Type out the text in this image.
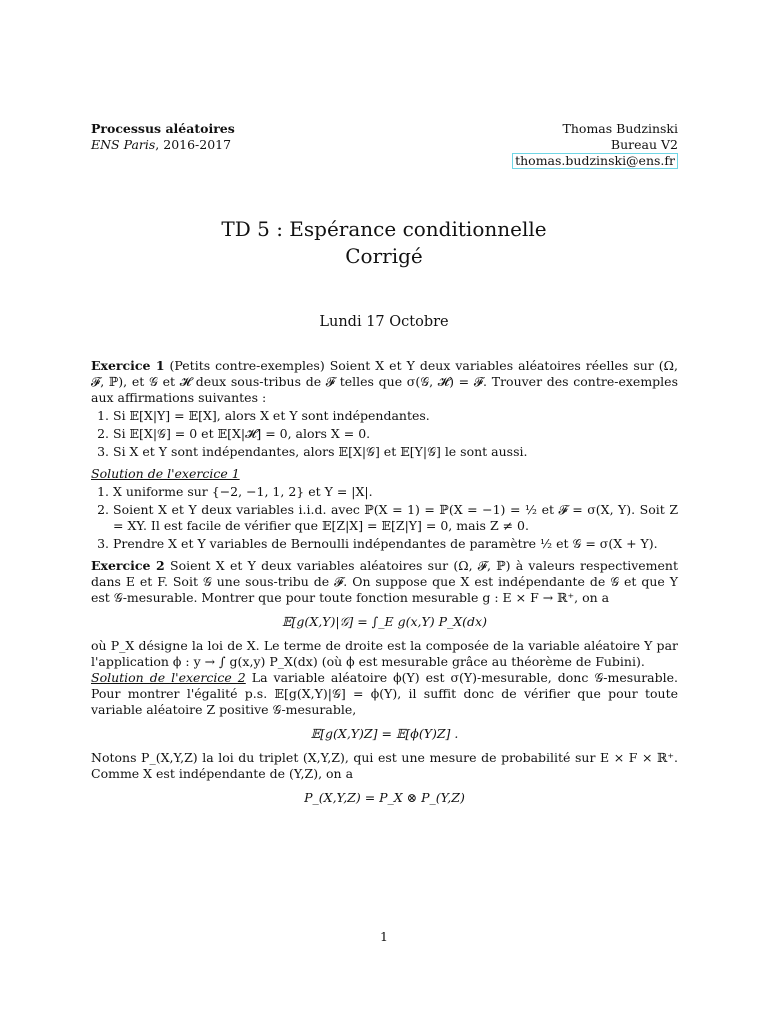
Processus aléatoires
ENS Paris, 2016-2017
Thomas Budzinski
Bureau V2
thomas.budzinski@ens.fr
TD 5 : Espérance conditionnelle
Corrigé
Lundi 17 Octobre

Exercice 1 (Petits contre-exemples) Soient X et Y deux variables aléatoires réelles sur (Ω, 𝓕, ℙ), et 𝒢 et 𝓗 deux sous-tribus de 𝓕 telles que σ(𝒢, 𝓗) = 𝓕. Trouver des contre-exemples aux affirmations suivantes :

1. Si 𝔼[X|Y] = 𝔼[X], alors X et Y sont indépendantes.
2. Si 𝔼[X|𝒢] = 0 et 𝔼[X|𝓗] = 0, alors X = 0.
3. Si X et Y sont indépendantes, alors 𝔼[X|𝒢] et 𝔼[Y|𝒢] le sont aussi.

Solution de l'exercice 1

1. X uniforme sur {−2, −1, 1, 2} et Y = |X|.
2. Soient X et Y deux variables i.i.d. avec ℙ(X = 1) = ℙ(X = −1) = ½ et 𝓕 = σ(X, Y). Soit Z = XY. Il est facile de vérifier que 𝔼[Z|X] = 𝔼[Z|Y] = 0, mais Z ≠ 0.
3. Prendre X et Y variables de Bernoulli indépendantes de paramètre ½ et 𝒢 = σ(X + Y).

Exercice 2 Soient X et Y deux variables aléatoires sur (Ω, 𝓕, ℙ) à valeurs respectivement dans E et F. Soit 𝒢 une sous-tribu de 𝓕. On suppose que X est indépendante de 𝒢 et que Y est 𝒢-mesurable. Montrer que pour toute fonction mesurable g : E × F → ℝ⁺, on a

𝔼[g(X,Y)|𝒢] = ∫_E g(x,Y) P_X(dx)

où P_X désigne la loi de X. Le terme de droite est la composée de la variable aléatoire Y par l'application ϕ : y → ∫ g(x,y) P_X(dx) (où ϕ est mesurable grâce au théorème de Fubini).

Solution de l'exercice 2 La variable aléatoire ϕ(Y) est σ(Y)-mesurable, donc 𝒢-mesurable. Pour montrer l'égalité p.s. 𝔼[g(X,Y)|𝒢] = ϕ(Y), il suffit donc de vérifier que pour toute variable aléatoire Z positive 𝒢-mesurable,

𝔼[g(X,Y)Z] = 𝔼[ϕ(Y)Z] .

Notons P_(X,Y,Z) la loi du triplet (X,Y,Z), qui est une mesure de probabilité sur E × F × ℝ⁺. Comme X est indépendante de (Y,Z), on a

P_(X,Y,Z) = P_X ⊗ P_(Y,Z)
1
